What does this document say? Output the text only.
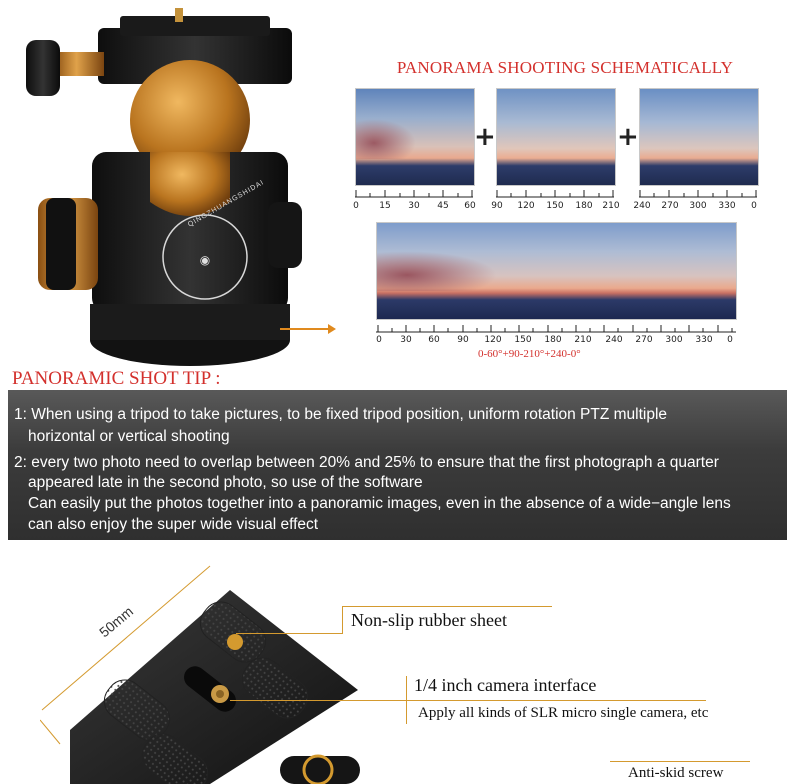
◉
PANORAMA SHOOTING SCHEMATICALLY
+	+
0 15 30 45 60 90 120 150 180 210 240 270 300 330 0
0 30 60 90 120 150 180 210 240 270 300 330 0
0-60°+90-210°+240-0°
PANORAMIC SHOT TIP :

1: When using a tripod to take pictures, to be fixed tripod position, uniform rotation PTZ multiple

horizontal or vertical shooting

2: every two photo need to overlap between 20% and 25% to ensure that the first photograph a quarter

appeared late in the second photo, so use of the software

Can easily put the photos together into a panoramic images, even in the absence of a wide−angle lens

can also enjoy the super wide visual effect

50mm	Non-slip rubber sheet
1/4 inch camera interface
Apply all kinds of SLR micro single camera, etc
Anti-skid screw
